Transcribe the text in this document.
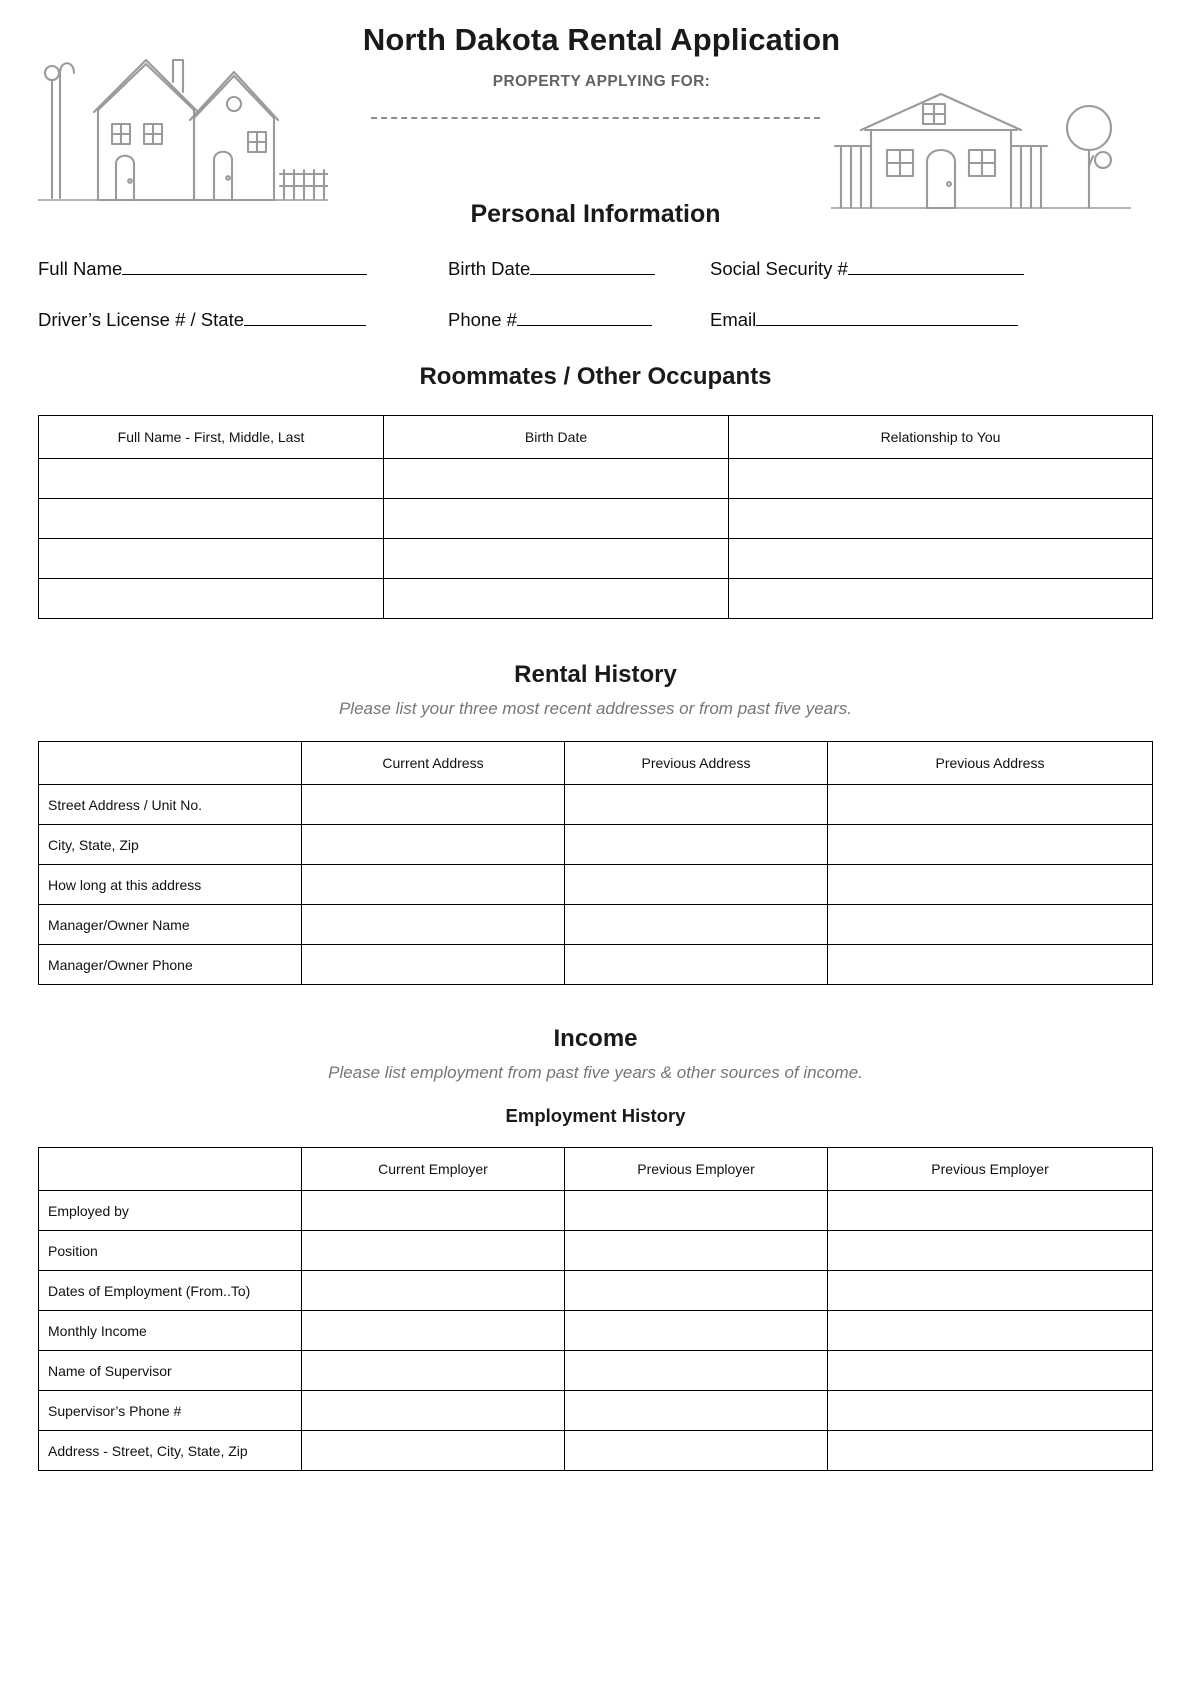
North Dakota Rental Application
PROPERTY APPLYING FOR:
Personal Information
Full Name	Birth Date	Social Security #
Driver’s License # / State	Phone #	Email
Roommates / Other Occupants
Full Name - First, Middle, Last	Birth Date	Relationship to You

Rental History

Please list your three most recent addresses or from past five years.

	Current Address	Previous Address	Previous Address
Street Address / Unit No.			
City, State, Zip			
How long at this address			
Manager/Owner Name			
Manager/Owner Phone			
Income

Please list employment from past five years & other sources of income.

Employment History
	Current Employer	Previous Employer	Previous Employer
Employed by			
Position			
Dates of Employment (From..To)			
Monthly Income			
Name of Supervisor			
Supervisor’s Phone #			
Address - Street, City, State, Zip			
